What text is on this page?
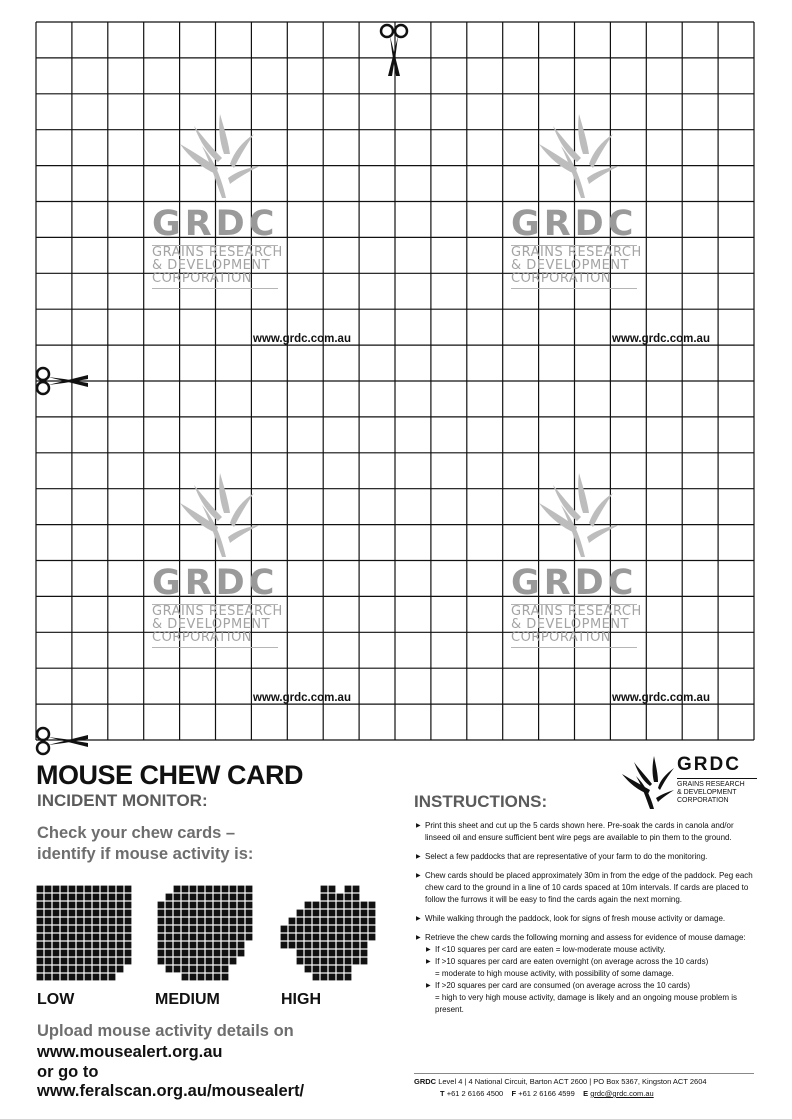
GRDC
GRAINS RESEARCH
& DEVELOPMENT
CORPORATION
GRDC
GRAINS RESEARCH
& DEVELOPMENT
CORPORATION
GRDC
GRAINS RESEARCH
& DEVELOPMENT
CORPORATION
GRDC
GRAINS RESEARCH
& DEVELOPMENT
CORPORATION
www.grdc.com.au	www.grdc.com.au
www.grdc.com.au	www.grdc.com.au
MOUSE CHEW CARD
INCIDENT MONITOR:
Check your chew cards – identify if mouse activity is:
LOW	MEDIUM	HIGH
Upload mouse activity details on
www.mousealert.org.au
or go to
www.feralscan.org.au/mousealert/
GRDC
GRAINS RESEARCH
& DEVELOPMENT
CORPORATION
INSTRUCTIONS:
▶ Print this sheet and cut up the 5 cards shown here. Pre-soak the cards in canola and/or linseed oil and ensure sufficient bent wire pegs are available to pin them to the ground.
▶ Select a few paddocks that are representative of your farm to do the monitoring.
▶ Chew cards should be placed approximately 30m in from the edge of the paddock. Peg each chew card to the ground in a line of 10 cards spaced at 10m intervals. If cards are placed to follow the furrows it will be easy to find the cards again the next morning.
▶ While walking through the paddock, look for signs of fresh mouse activity or damage.
▶ Retrieve the chew cards the following morning and assess for evidence of mouse damage:
▶ If <10 squares per card are eaten = low-moderate mouse activity.
▶ If >10 squares per card are eaten overnight (on average across the 10 cards)
= moderate to high mouse activity, with possibility of some damage.
▶ If >20 squares per card are consumed (on average across the 10 cards)
= high to very high mouse activity, damage is likely and an ongoing mouse problem is present.
GRDC Level 4 | 4 National Circuit, Barton ACT 2600 | PO Box 5367, Kingston ACT 2604
T +61 2 6166 4500 F +61 2 6166 4599 E grdc@grdc.com.au
